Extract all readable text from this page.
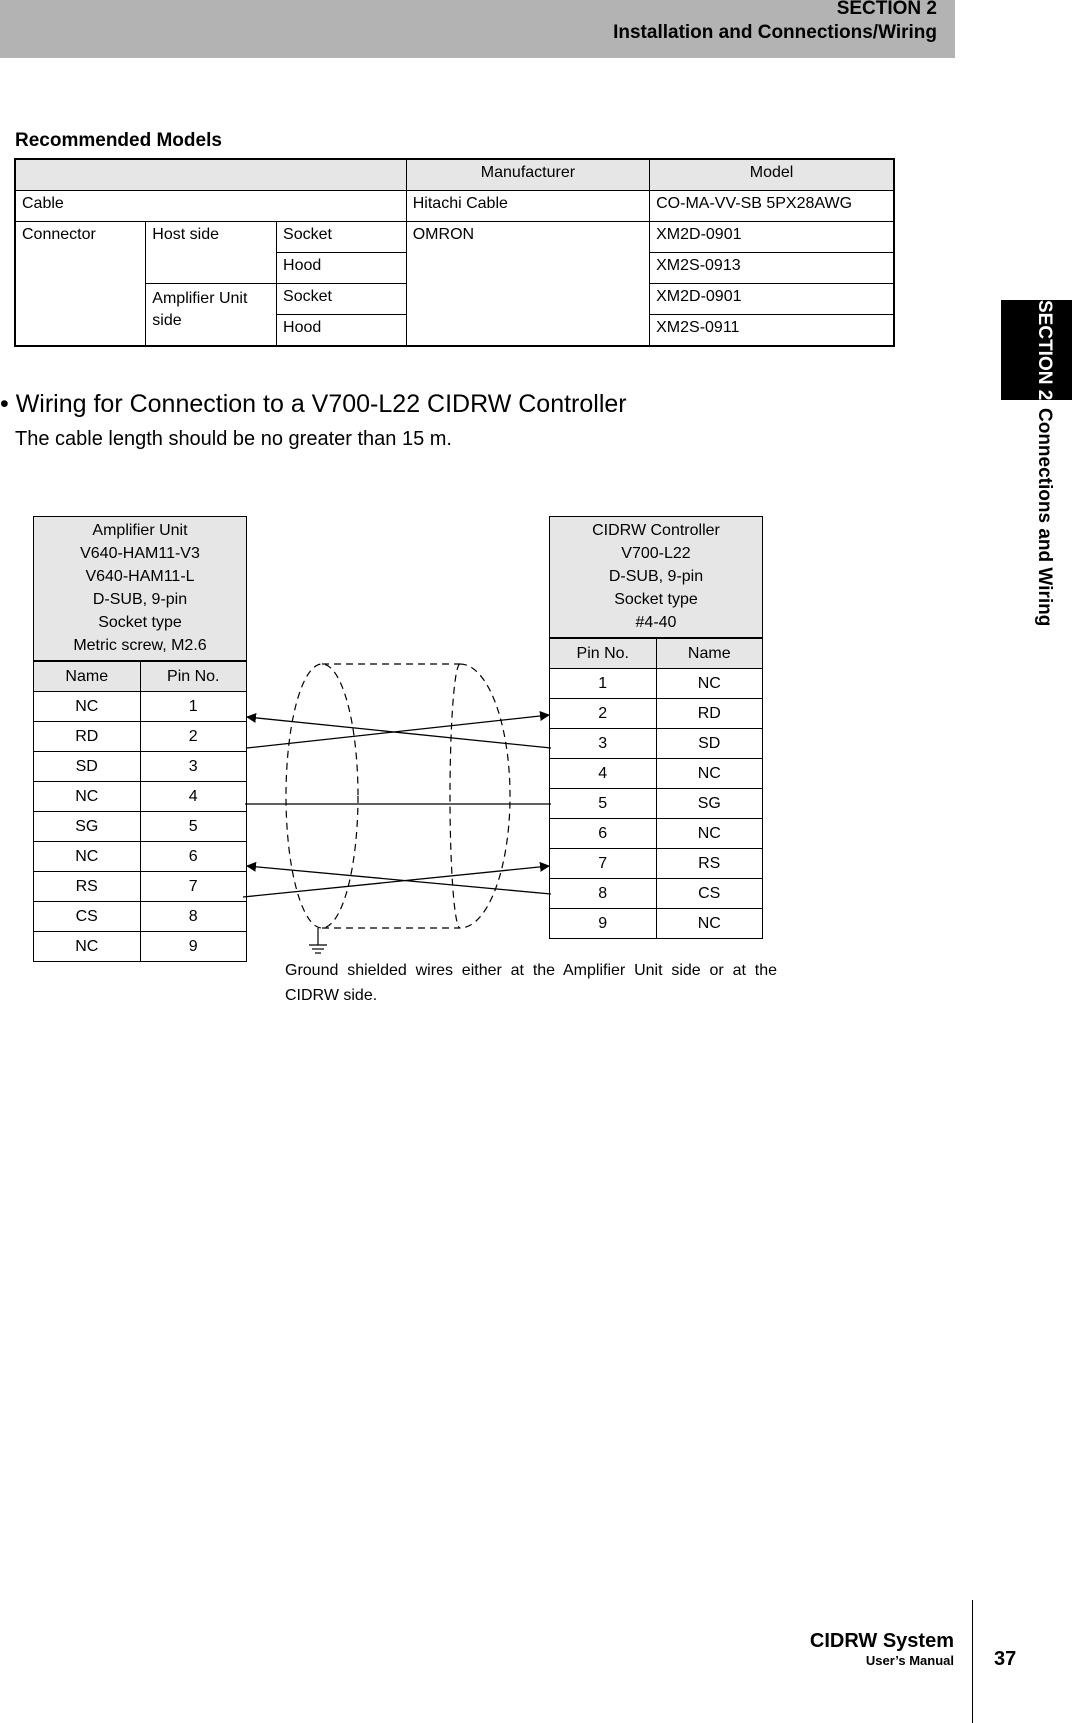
SECTION 2
Installation and Connections/Wiring
SECTION 2Connections and Wiring
Recommended Models
			Manufacturer	Model
Cable			Hitachi Cable	CO-MA-VV-SB 5PX28AWG
Connector	Host side	Socket	OMRON	XM2D-0901
		Hood		XM2S-0913
	Amplifier Unit side	Socket		XM2D-0901
		Hood		XM2S-0911
• Wiring for Connection to a V700-L22 CIDRW Controller
The cable length should be no greater than 15 m.
Amplifier Unit
V640-HAM11-V3
V640-HAM11-L
D-SUB, 9-pin
Socket type
Metric screw, M2.6
Name	Pin No.
NC	1
RD	2
SD	3
NC	4
SG	5
NC	6
RS	7
CS	8
NC	9
CIDRW Controller
V700-L22
D-SUB, 9-pin
Socket type
#4-40
Pin No.	Name
1	NC
2	RD
3	SD
4	NC
5	SG
6	NC
7	RS
8	CS
9	NC
Ground shielded wires either at the Amplifier Unit side or at the CIDRW side.
CIDRW System
User’s Manual 37
